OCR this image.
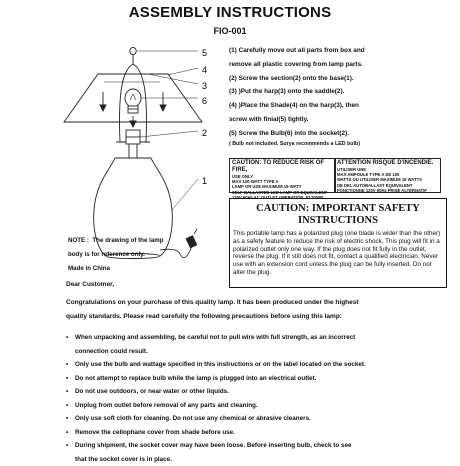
ASSEMBLY INSTRUCTIONS
FIO-001
5
4
3
6
2
1
(1) Carefully move out all parts from box and
remove all plastic covering from lamp parts.
(2) Screw the section(2) onto the base(1).
(3) )Put the harp(3) onto the saddle(2).
(4) )Place the Shade(4) on the harp(3), then
screw with finial(5) tightly.
(5) Screw the Bulb(6) into the socket(2).
( Bulb not included. Surya recommends a LED bulb)
CAUTION: TO REDUCE RISK OF FIRE,
USE ONLY
MAX 100-WATT TYPE A
LAMP OR USE MAXIMUM 15-WATT
SELF-BALLASTED LED LAMP OR EQUIVALENT
120V 60Hz AC OUTLET OPERATION. E12DWB
ATTENTION RISQUE D'INCENDIE.
UTILISER UNE
MAX AMPOULE TYPE A DE 100
WATTS OU UTILISER MAXIMUM 15 WATTS
DE DEL AUTOBALLAST EQUIVALENT
FONCTIONNE 120V 60Hz PRISE ALTERNATIF
CAUTION: IMPORTANT SAFETY
INSTRUCTIONS
This portable lamp has a polarized plug (one blade is wider than the other) as a safety feature to reduce the risk of electric shock. This plug will fit in a polarized outlet only one way. If the plug does not fit fully in the outlet, reverse the plug. If it still does not fit, contact a qualified electrician. Never use with an extension cord unless the plug can be fully inserted. Do not alter the plug.
NOTE :  The drawing of the lamp
body is for reference only.
Made in China
Dear Customer,
Congratulations on your purchase of this quality lamp. It has been produced under the highest
quality standards. Please read carefully the following precautions before using this lamp:
• When unpacking and assembling, be careful not to pull wire with full strength, as an incorrect
connection could result.
• Only use the bulb and wattage specified in this instructions or on the label located on the socket.
• Do not attempt to replace bulb while the lamp is plugged into an electrical outlet.
• Do not use outdoors, or near water or other liquids.
• Unplug from outlet before removal of any parts and cleaning.
• Only use soft cloth for cleaning. Do not use any chemical or abrasive cleaners.
• Remove the cellophane cover from shade before use.
• During shipment, the socket cover may have been loose. Before inserting bulb, check to see
that the socket cover is in place.
